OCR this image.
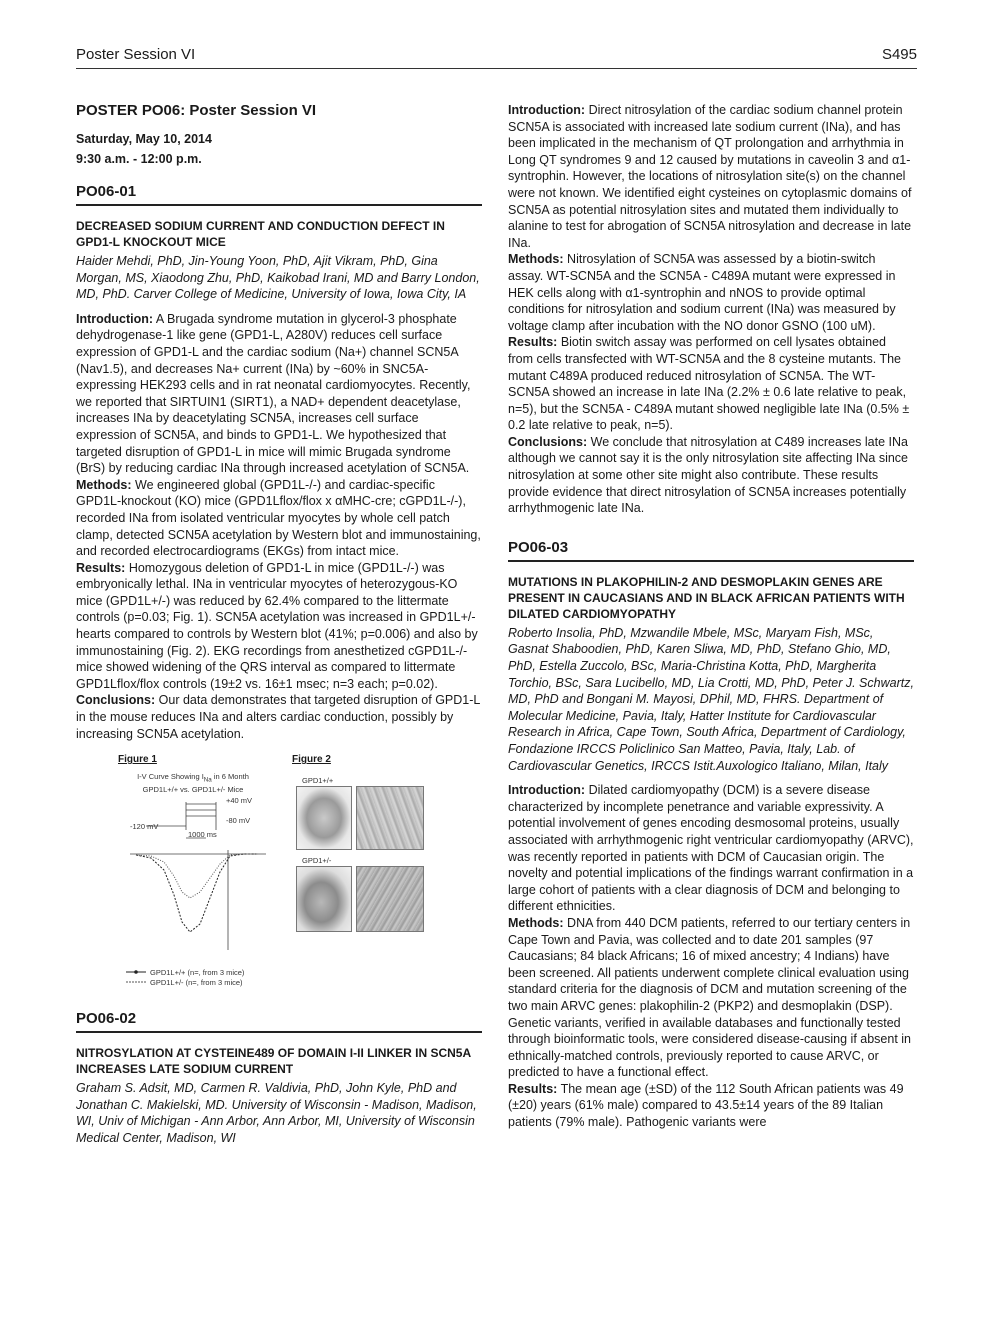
Poster Session VI	S495
POSTER PO06: Poster Session VI
Saturday, May 10, 2014
9:30 a.m. - 12:00 p.m.
PO06-01
DECREASED SODIUM CURRENT AND CONDUCTION DEFECT IN GPD1-L KNOCKOUT MICE

Haider Mehdi, PhD, Jin-Young Yoon, PhD, Ajit Vikram, PhD, Gina Morgan, MS, Xiaodong Zhu, PhD, Kaikobad Irani, MD and Barry London, MD, PhD. Carver College of Medicine, University of Iowa, Iowa City, IA

Introduction: A Brugada syndrome mutation in glycerol-3 phosphate dehydrogenase-1 like gene (GPD1-L, A280V) reduces cell surface expression of GPD1-L and the cardiac sodium (Na+) channel SCN5A (Nav1.5), and decreases Na+ current (INa) by ~60% in SNC5A-expressing HEK293 cells and in rat neonatal cardiomyocytes. Recently, we reported that SIRTUIN1 (SIRT1), a NAD+ dependent deacetylase, increases INa by deacetylating SCN5A, increases cell surface expression of SCN5A, and binds to GPD1-L. We hypothesized that targeted disruption of GPD1-L in mice will mimic Brugada syndrome (BrS) by reducing cardiac INa through increased acetylation of SCN5A.

Methods: We engineered global (GPD1L-/-) and cardiac-specific GPD1L-knockout (KO) mice (GPD1Lflox/flox x αMHC-cre; cGPD1L-/-), recorded INa from isolated ventricular myocytes by whole cell patch clamp, detected SCN5A acetylation by Western blot and immunostaining, and recorded electrocardiograms (EKGs) from intact mice.

Results: Homozygous deletion of GPD1-L in mice (GPD1L-/-) was embryonically lethal. INa in ventricular myocytes of heterozygous-KO mice (GPD1L+/-) was reduced by 62.4% compared to the littermate controls (p=0.03; Fig. 1). SCN5A acetylation was increased in GPD1L+/- hearts compared to controls by Western blot (41%; p=0.006) and also by immunostaining (Fig. 2). EKG recordings from anesthetized cGPD1L-/- mice showed widening of the QRS interval as compared to littermate GPD1Lflox/flox controls (19±2 vs. 16±1 msec; n=3 each; p=0.02).

Conclusions: Our data demonstrates that targeted disruption of GPD1-L in the mouse reduces INa and alters cardiac conduction, possibly by increasing SCN5A acetylation.

Figure 1
I-V Curve Showing $I_{Na}$ in 6 Month
GPD1L+/+ vs. GPD1L+/- Mice
+40 mV
-80 mV
-120 mV
1000 ms
GPD1L+/+ (n=, from 3 mice)
GPD1L+/- (n=, from 3 mice)
Figure 2
GPD1+/+
GPD1+/-
PO06-02
NITROSYLATION AT CYSTEINE489 OF DOMAIN I-II LINKER IN SCN5A INCREASES LATE SODIUM CURRENT

Graham S. Adsit, MD, Carmen R. Valdivia, PhD, John Kyle, PhD and Jonathan C. Makielski, MD. University of Wisconsin - Madison, Madison, WI, Univ of Michigan - Ann Arbor, Ann Arbor, MI, University of Wisconsin Medical Center, Madison, WI

Introduction: Direct nitrosylation of the cardiac sodium channel protein SCN5A is associated with increased late sodium current (INa), and has been implicated in the mechanism of QT prolongation and arrhythmia in Long QT syndromes 9 and 12 caused by mutations in caveolin 3 and α1-syntrophin. However, the locations of nitrosylation site(s) on the channel were not known. We identified eight cysteines on cytoplasmic domains of SCN5A as potential nitrosylation sites and mutated them individually to alanine to test for abrogation of SCN5A nitrosylation and decrease in late INa.

Methods: Nitrosylation of SCN5A was assessed by a biotin-switch assay. WT-SCN5A and the SCN5A - C489A mutant were expressed in HEK cells along with α1-syntrophin and nNOS to provide optimal conditions for nitrosylation and sodium current (INa) was measured by voltage clamp after incubation with the NO donor GSNO (100 uM).

Results: Biotin switch assay was performed on cell lysates obtained from cells transfected with WT-SCN5A and the 8 cysteine mutants. The mutant C489A produced reduced nitrosylation of SCN5A. The WT-SCN5A showed an increase in late INa (2.2% ± 0.6 late relative to peak, n=5), but the SCN5A - C489A mutant showed negligible late INa (0.5% ± 0.2 late relative to peak, n=5).

Conclusions: We conclude that nitrosylation at C489 increases late INa although we cannot say it is the only nitrosylation site affecting INa since nitrosylation at some other site might also contribute. These results provide evidence that direct nitrosylation of SCN5A increases potentially arrhythmogenic late INa.

PO06-03
MUTATIONS IN PLAKOPHILIN-2 AND DESMOPLAKIN GENES ARE PRESENT IN CAUCASIANS AND IN BLACK AFRICAN PATIENTS WITH DILATED CARDIOMYOPATHY

Roberto Insolia, PhD, Mzwandile Mbele, MSc, Maryam Fish, MSc, Gasnat Shaboodien, PhD, Karen Sliwa, MD, PhD, Stefano Ghio, MD, PhD, Estella Zuccolo, BSc, Maria-Christina Kotta, PhD, Margherita Torchio, BSc, Sara Lucibello, MD, Lia Crotti, MD, PhD, Peter J. Schwartz, MD, PhD and Bongani M. Mayosi, DPhil, MD, FHRS. Department of Molecular Medicine, Pavia, Italy, Hatter Institute for Cardiovascular Research in Africa, Cape Town, South Africa, Department of Cardiology, Fondazione IRCCS Policlinico San Matteo, Pavia, Italy, Lab. of Cardiovascular Genetics, IRCCS Istit.Auxologico Italiano, Milan, Italy

Introduction: Dilated cardiomyopathy (DCM) is a severe disease characterized by incomplete penetrance and variable expressivity. A potential involvement of genes encoding desmosomal proteins, usually associated with arrhythmogenic right ventricular cardiomyopathy (ARVC), was recently reported in patients with DCM of Caucasian origin. The novelty and potential implications of the findings warrant confirmation in a large cohort of patients with a clear diagnosis of DCM and belonging to different ethnicities.

Methods: DNA from 440 DCM patients, referred to our tertiary centers in Cape Town and Pavia, was collected and to date 201 samples (97 Caucasians; 84 black Africans; 16 of mixed ancestry; 4 Indians) have been screened. All patients underwent complete clinical evaluation using standard criteria for the diagnosis of DCM and mutation screening of the two main ARVC genes: plakophilin-2 (PKP2) and desmoplakin (DSP). Genetic variants, verified in available databases and functionally tested through bioinformatic tools, were considered disease-causing if absent in ethnically-matched controls, previously reported to cause ARVC, or predicted to have a functional effect.

Results: The mean age (±SD) of the 112 South African patients was 49 (±20) years (61% male) compared to 43.5±14 years of the 89 Italian patients (79% male). Pathogenic variants were
